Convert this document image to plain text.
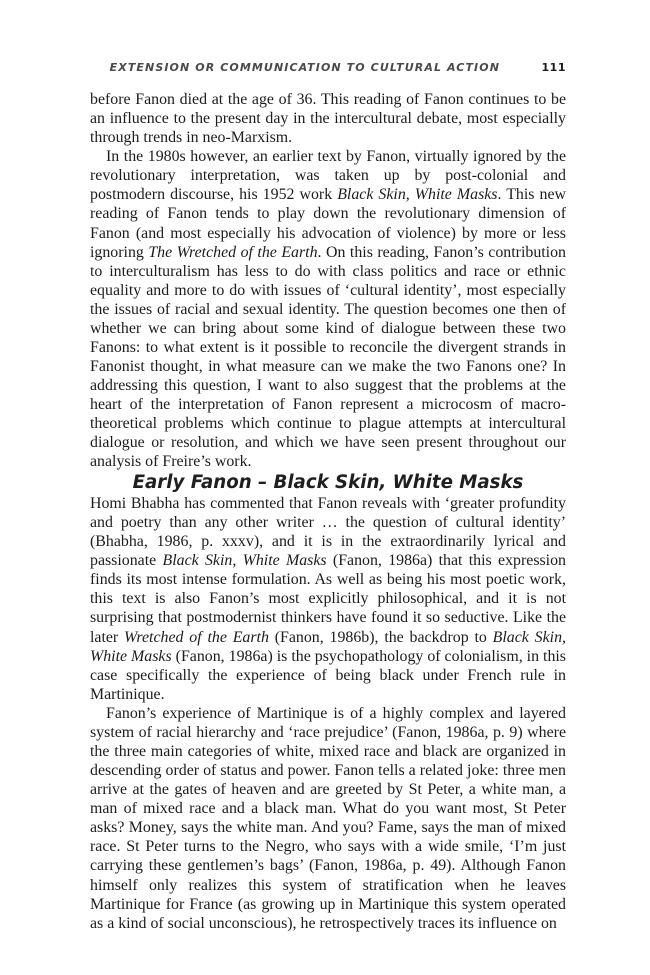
EXTENSION OR COMMUNICATION TO CULTURAL ACTION	111

before Fanon died at the age of 36. This reading of Fanon continues to be an influence to the present day in the intercultural debate, most especially through trends in neo-Marxism.

In the 1980s however, an earlier text by Fanon, virtually ignored by the revolutionary interpretation, was taken up by post-colonial and postmodern discourse, his 1952 work Black Skin, White Masks. This new reading of Fanon tends to play down the revolutionary dimension of Fanon (and most especially his advocation of violence) by more or less ignoring The Wretched of the Earth. On this reading, Fanon’s contribution to interculturalism has less to do with class politics and race or ethnic equality and more to do with issues of ‘cultural identity’, most especially the issues of racial and sexual identity. The question becomes one then of whether we can bring about some kind of dialogue between these two Fanons: to what extent is it possible to reconcile the divergent strands in Fanonist thought, in what measure can we make the two Fanons one? In addressing this question, I want to also suggest that the problems at the heart of the interpretation of Fanon represent a microcosm of macro-theoretical problems which continue to plague attempts at intercultural dialogue or resolution, and which we have seen present throughout our analysis of Freire’s work.

Early Fanon – Black Skin, White Masks

Homi Bhabha has commented that Fanon reveals with ‘greater profundity and poetry than any other writer … the question of cultural identity’ (Bhabha, 1986, p. xxxv), and it is in the extraordinarily lyrical and passionate Black Skin, White Masks (Fanon, 1986a) that this expression finds its most intense formulation. As well as being his most poetic work, this text is also Fanon’s most explicitly philosophical, and it is not surprising that postmodernist thinkers have found it so seductive. Like the later Wretched of the Earth (Fanon, 1986b), the backdrop to Black Skin, White Masks (Fanon, 1986a) is the psychopathology of colonialism, in this case specifically the experience of being black under French rule in Martinique.

Fanon’s experience of Martinique is of a highly complex and layered system of racial hierarchy and ‘race prejudice’ (Fanon, 1986a, p. 9) where the three main categories of white, mixed race and black are organized in descending order of status and power. Fanon tells a related joke: three men arrive at the gates of heaven and are greeted by St Peter, a white man, a man of mixed race and a black man. What do you want most, St Peter asks? Money, says the white man. And you? Fame, says the man of mixed race. St Peter turns to the Negro, who says with a wide smile, ‘I’m just carrying these gentlemen’s bags’ (Fanon, 1986a, p. 49). Although Fanon himself only realizes this system of stratification when he leaves Martinique for France (as growing up in Martinique this system operated as a kind of social unconscious), he retrospectively traces its influence on
